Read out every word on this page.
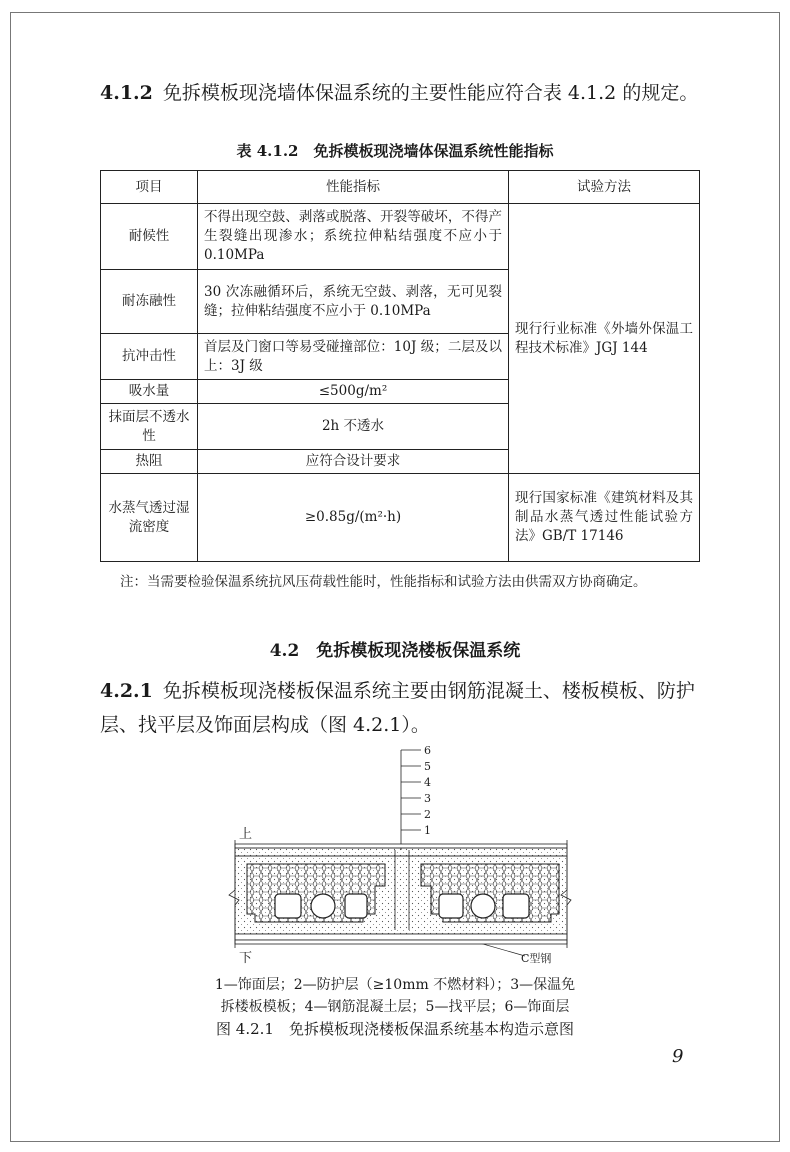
4.1.2 免拆模板现浇墙体保温系统的主要性能应符合表 4.1.2 的规定。
表 4.1.2　免拆模板现浇墙体保温系统性能指标
项目	性能指标	试验方法
耐候性	不得出现空鼓、剥落或脱落、开裂等破坏，不得产生裂缝出现渗水；系统拉伸粘结强度不应小于 0.10MPa	现行行业标准《外墙外保温工程技术标准》JGJ 144
耐冻融性	30 次冻融循环后，系统无空鼓、剥落，无可见裂缝；拉伸粘结强度不应小于 0.10MPa	
抗冲击性	首层及门窗口等易受碰撞部位：10J 级；二层及以上：3J 级	
吸水量	≤500g/m²	
抹面层不透水性	2h 不透水	
热阻	应符合设计要求	
水蒸气透过湿流密度	≥0.85g/(m²·h)	现行国家标准《建筑材料及其制品水蒸气透过性能试验方法》GB/T 17146
注：当需要检验保温系统抗风压荷载性能时，性能指标和试验方法由供需双方协商确定。
4.2　免拆模板现浇楼板保温系统
4.2.1 免拆模板现浇楼板保温系统主要由钢筋混凝土、楼板模板、防护层、找平层及饰面层构成（图 4.2.1）。
6
5
4
3
2
1
上
下	C型钢
1—饰面层；2—防护层（≥10mm 不燃材料）；3—保温免
拆楼板模板；4—钢筋混凝土层；5—找平层；6—饰面层
图 4.2.1　免拆模板现浇楼板保温系统基本构造示意图
9
